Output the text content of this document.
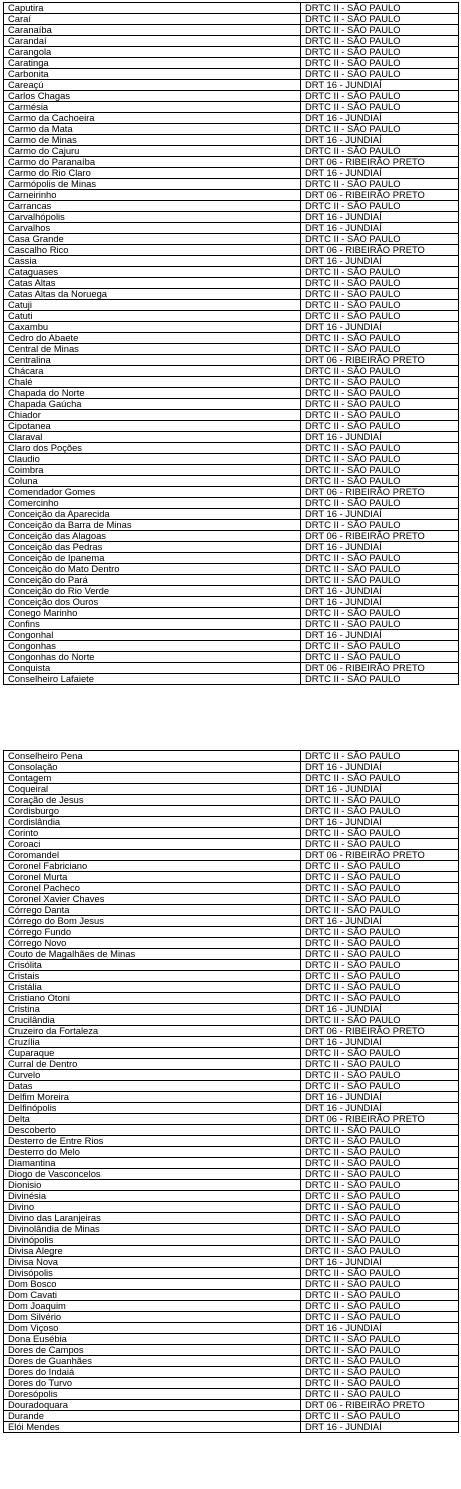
Caputira	DRTC II - SÃO PAULO
Caraí	DRTC II - SÃO PAULO
Caranaíba	DRTC II - SÃO PAULO
Carandaí	DRTC II - SÃO PAULO
Carangola	DRTC II - SÃO PAULO
Caratinga	DRTC II - SÃO PAULO
Carbonita	DRTC II - SÃO PAULO
Careaçú	DRT 16 - JUNDIAÍ
Carlos Chagas	DRTC II - SÃO PAULO
Carmésia	DRTC II - SÃO PAULO
Carmo da Cachoeira	DRT 16 - JUNDIAÍ
Carmo da Mata	DRTC II - SÃO PAULO
Carmo de Minas	DRT 16 - JUNDIAÍ
Carmo do Cajuru	DRTC II - SÃO PAULO
Carmo do Paranaíba	DRT 06 - RIBEIRÃO PRETO
Carmo do Rio Claro	DRT 16 - JUNDIAÍ
Carmópolis de Minas	DRTC II - SÃO PAULO
Carneirinho	DRT 06 - RIBEIRÃO PRETO
Carrancas	DRTC II - SÃO PAULO
Carvalhópolis	DRT 16 - JUNDIAÍ
Carvalhos	DRT 16 - JUNDIAÍ
Casa Grande	DRTC II - SÃO PAULO
Cascalho Rico	DRT 06 - RIBEIRÃO PRETO
Cassia	DRT 16 - JUNDIAÍ
Cataguases	DRTC II - SÃO PAULO
Catas Altas	DRTC II - SÃO PAULO
Catas Altas da Noruega	DRTC II - SÃO PAULO
Catuji	DRTC II - SÃO PAULO
Catuti	DRTC II - SÃO PAULO
Caxambu	DRT 16 - JUNDIAÍ
Cedro do Abaete	DRTC II - SÃO PAULO
Central de Minas	DRTC II - SÃO PAULO
Centralina	DRT 06 - RIBEIRÃO PRETO
Chácara	DRTC II - SÃO PAULO
Chalé	DRTC II - SÃO PAULO
Chapada do Norte	DRTC II - SÃO PAULO
Chapada Gaúcha	DRTC II - SÃO PAULO
Chiador	DRTC II - SÃO PAULO
Cipotanea	DRTC II - SÃO PAULO
Claraval	DRT 16 - JUNDIAÍ
Claro dos Poções	DRTC II - SÃO PAULO
Claudio	DRTC II - SÃO PAULO
Coimbra	DRTC II - SÃO PAULO
Coluna	DRTC II - SÃO PAULO
Comendador Gomes	DRT 06 - RIBEIRÃO PRETO
Comercinho	DRTC II - SÃO PAULO
Conceição da Aparecida	DRT 16 - JUNDIAÍ
Conceição da Barra de Minas	DRTC II - SÃO PAULO
Conceição das Alagoas	DRT 06 - RIBEIRÃO PRETO
Conceição das Pedras	DRT 16 - JUNDIAÍ
Conceição de Ipanema	DRTC II - SÃO PAULO
Conceição do Mato Dentro	DRTC II - SÃO PAULO
Conceição do Pará	DRTC II - SÃO PAULO
Conceição do Rio Verde	DRT 16 - JUNDIAÍ
Conceição dos Ouros	DRT 16 - JUNDIAÍ
Conego Marinho	DRTC II - SÃO PAULO
Confins	DRTC II - SÃO PAULO
Congonhal	DRT 16 - JUNDIAÍ
Congonhas	DRTC II - SÃO PAULO
Congonhas do Norte	DRTC II - SÃO PAULO
Conquista	DRT 06 - RIBEIRÃO PRETO
Conselheiro Lafaiete	DRTC II - SÃO PAULO
Conselheiro Pena	DRTC II - SÃO PAULO
Consolação	DRT 16 - JUNDIAÍ
Contagem	DRTC II - SÃO PAULO
Coqueiral	DRT 16 - JUNDIAÍ
Coração de Jesus	DRTC II - SÃO PAULO
Cordisburgo	DRTC II - SÃO PAULO
Cordislândia	DRT 16 - JUNDIAÍ
Corinto	DRTC II - SÃO PAULO
Coroaci	DRTC II - SÃO PAULO
Coromandel	DRT 06 - RIBEIRÃO PRETO
Coronel Fabriciano	DRTC II - SÃO PAULO
Coronel Murta	DRTC II - SÃO PAULO
Coronel Pacheco	DRTC II - SÃO PAULO
Coronel Xavier Chaves	DRTC II - SÃO PAULO
Córrego Danta	DRTC II - SÃO PAULO
Córrego do Bom Jesus	DRT 16 - JUNDIAÍ
Córrego Fundo	DRTC II - SÃO PAULO
Córrego Novo	DRTC II - SÃO PAULO
Couto de Magalhães de Minas	DRTC II - SÃO PAULO
Crisólita	DRTC II - SÃO PAULO
Cristais	DRTC II - SÃO PAULO
Cristália	DRTC II - SÃO PAULO
Cristiano Otoni	DRTC II - SÃO PAULO
Cristina	DRT 16 - JUNDIAÍ
Crucilândia	DRTC II - SÃO PAULO
Cruzeiro da Fortaleza	DRT 06 - RIBEIRÃO PRETO
Cruzília	DRT 16 - JUNDIAÍ
Cuparaque	DRTC II - SÃO PAULO
Curral de Dentro	DRTC II - SÃO PAULO
Curvelo	DRTC II - SÃO PAULO
Datas	DRTC II - SÃO PAULO
Delfim Moreira	DRT 16 - JUNDIAÍ
Delfinópolis	DRT 16 - JUNDIAÍ
Delta	DRT 06 - RIBEIRÃO PRETO
Descoberto	DRTC II - SÃO PAULO
Desterro de Entre Rios	DRTC II - SÃO PAULO
Desterro do Melo	DRTC II - SÃO PAULO
Diamantina	DRTC II - SÃO PAULO
Diogo de Vasconcelos	DRTC II - SÃO PAULO
Dionisio	DRTC II - SÃO PAULO
Divinésia	DRTC II - SÃO PAULO
Divino	DRTC II - SÃO PAULO
Divino das Laranjeiras	DRTC II - SÃO PAULO
Divinolândia de Minas	DRTC II - SÃO PAULO
Divinópolis	DRTC II - SÃO PAULO
Divisa Alegre	DRTC II - SÃO PAULO
Divisa Nova	DRT 16 - JUNDIAÍ
Divisópolis	DRTC II - SÃO PAULO
Dom Bosco	DRTC II - SÃO PAULO
Dom Cavati	DRTC II - SÃO PAULO
Dom Joaquim	DRTC II - SÃO PAULO
Dom Silvério	DRTC II - SÃO PAULO
Dom Viçoso	DRT 16 - JUNDIAÍ
Dona Eusébia	DRTC II - SÃO PAULO
Dores de Campos	DRTC II - SÃO PAULO
Dores de Guanhães	DRTC II - SÃO PAULO
Dores do Indaiá	DRTC II - SÃO PAULO
Dores do Turvo	DRTC II - SÃO PAULO
Doresópolis	DRTC II - SÃO PAULO
Douradoquara	DRT 06 - RIBEIRÃO PRETO
Durande	DRTC II - SÃO PAULO
Elói Mendes	DRT 16 - JUNDIAÍ
